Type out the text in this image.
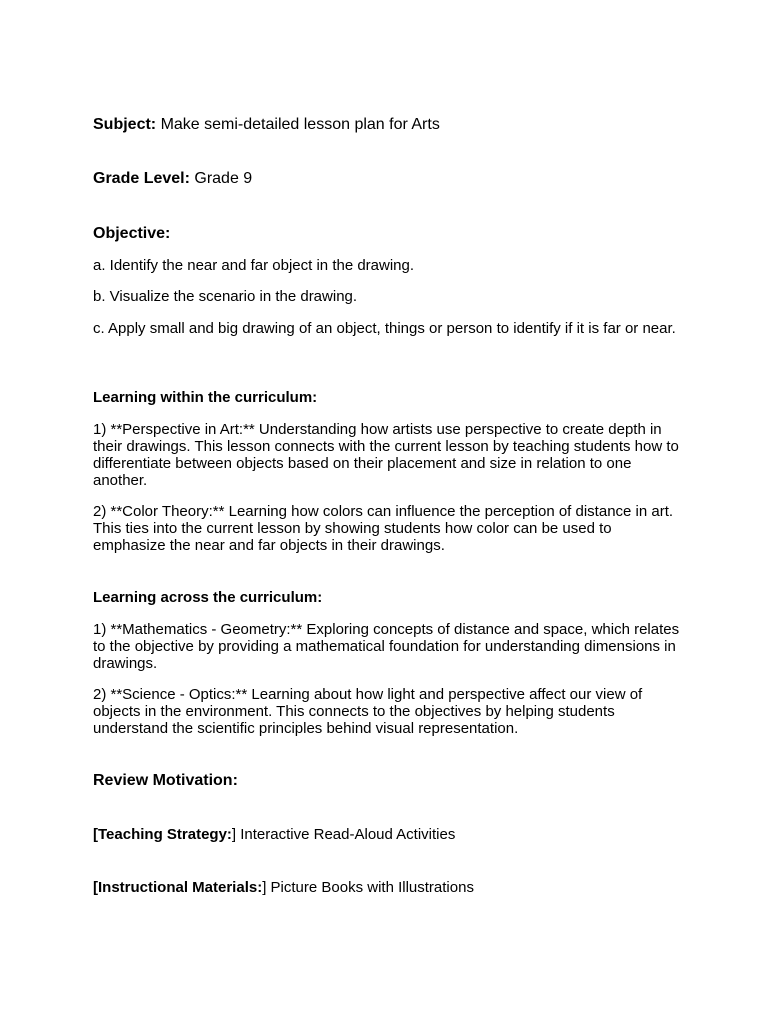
Subject: Make semi-detailed lesson plan for Arts
Grade Level: Grade 9
Objective:
a. Identify the near and far object in the drawing.
b. Visualize the scenario in the drawing.
c. Apply small and big drawing of an object, things or person to identify if it is far or near.
Learning within the curriculum:
1) **Perspective in Art:** Understanding how artists use perspective to create depth in their drawings. This lesson connects with the current lesson by teaching students how to differentiate between objects based on their placement and size in relation to one another.
2) **Color Theory:** Learning how colors can influence the perception of distance in art. This ties into the current lesson by showing students how color can be used to emphasize the near and far objects in their drawings.
Learning across the curriculum:
1) **Mathematics - Geometry:** Exploring concepts of distance and space, which relates to the objective by providing a mathematical foundation for understanding dimensions in drawings.
2) **Science - Optics:** Learning about how light and perspective affect our view of objects in the environment. This connects to the objectives by helping students understand the scientific principles behind visual representation.
Review Motivation:
[Teaching Strategy:] Interactive Read-Aloud Activities
[Instructional Materials:] Picture Books with Illustrations
